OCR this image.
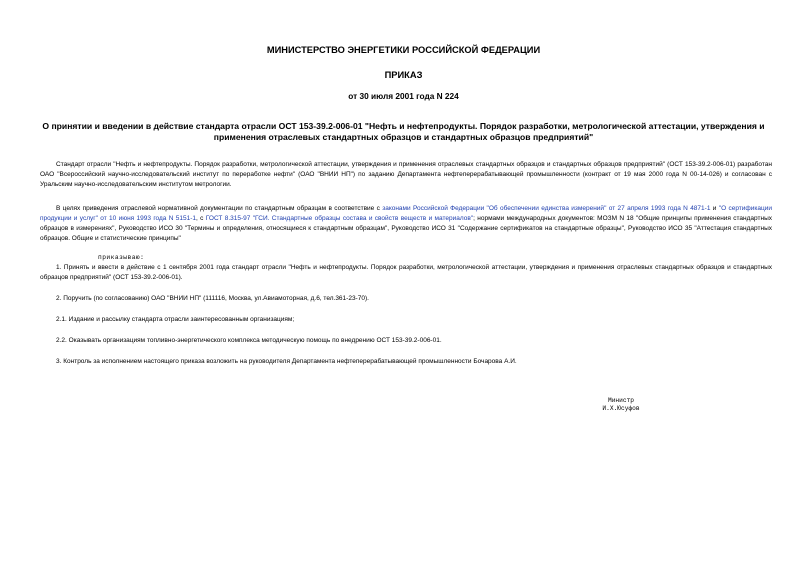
МИНИСТЕРСТВО ЭНЕРГЕТИКИ РОССИЙСКОЙ ФЕДЕРАЦИИ
ПРИКАЗ
от 30 июля 2001 года N 224
О принятии и введении в действие стандарта отрасли ОСТ 153-39.2-006-01 "Нефть и нефтепродукты. Порядок разработки, метрологической аттестации, утверждения и применения отраслевых стандартных образцов и стандартных образцов предприятий"
Стандарт отрасли "Нефть и нефтепродукты. Порядок разработки, метрологической аттестации, утверждения и применения отраслевых стандартных образцов и стандартных образцов предприятий" (ОСТ 153-39.2-006-01) разработан ОАО "Всероссийский научно-исследовательский институт по переработке нефти" (ОАО "ВНИИ НП") по заданию Департамента нефтеперерабатывающей промышленности (контракт от 19 мая 2000 года N 00-14-026) и согласован с Уральским научно-исследовательским институтом метрологии.
В целях приведения отраслевой нормативной документации по стандартным образцам в соответствие с законами Российской Федерации "Об обеспечении единства измерений" от 27 апреля 1993 года N 4871-1 и "О сертификации продукции и услуг" от 10 июня 1993 года N 5151-1, с ГОСТ 8.315-97 "ГСИ. Стандартные образцы состава и свойств веществ и материалов"; нормами международных документов: МОЗМ N 18 "Общие принципы применения стандартных образцов в измерениях", Руководство ИСО 30 "Термины и определения, относящиеся к стандартным образцам", Руководство ИСО 31 "Содержание сертификатов на стандартные образцы", Руководство ИСО 35 "Аттестация стандартных образцов. Общие и статистические принципы"
приказываю:
1. Принять и ввести в действие с 1 сентября 2001 года стандарт отрасли "Нефть и нефтепродукты. Порядок разработки, метрологической аттестации, утверждения и применения отраслевых стандартных образцов и стандартных образцов предприятий" (ОСТ 153-39.2-006-01).
2. Поручить (по согласованию) ОАО "ВНИИ НП" (111116, Москва, ул.Авиамоторная, д.6, тел.361-23-70).
2.1. Издание и рассылку стандарта отрасли заинтересованным организациям;
2.2. Оказывать организациям топливно-энергетического комплекса методическую помощь по внедрению ОСТ 153-39.2-006-01.
3. Контроль за исполнением настоящего приказа возложить на руководителя Департамента нефтеперерабатывающей промышленности Бочарова А.И.
Министр
И.Х.Юсуфов
